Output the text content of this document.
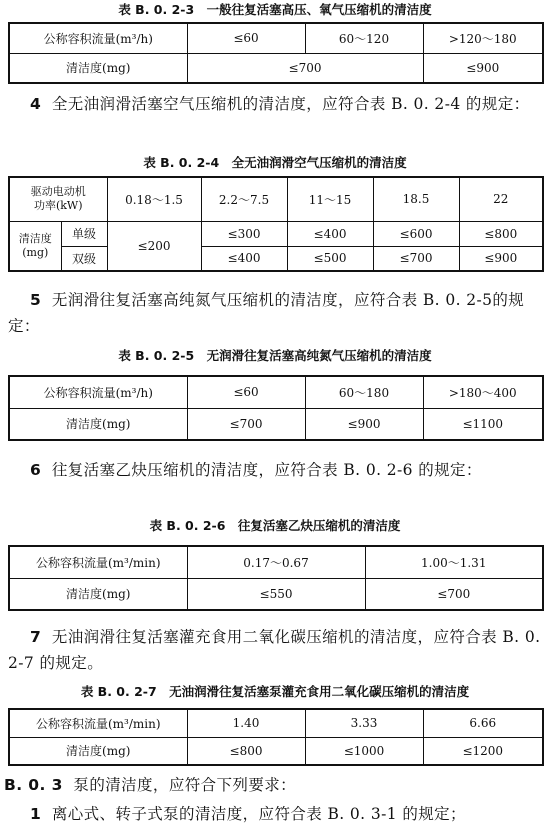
表 B. 0. 2-3　一般往复活塞高压、氧气压缩机的清洁度
公称容积流量(m³/h)	≤60	60～120	>120～180
清洁度(mg)	≤700		≤900
4 全无油润滑活塞空气压缩机的清洁度，应符合表 B. 0. 2-4 的规定：
表 B. 0. 2-4　全无油润滑空气压缩机的清洁度
驱动电动机
功率(kW)		0.18～1.5	2.2～7.5	11～15	18.5	22
清洁度
(mg)	单级	≤200	≤300	≤400	≤600	≤800
	双级		≤400	≤500	≤700	≤900
5 无润滑往复活塞高纯氮气压缩机的清洁度，应符合表 B. 0. 2-5的规定：
表 B. 0. 2-5　无润滑往复活塞高纯氮气压缩机的清洁度
公称容积流量(m³/h)	≤60	60～180	>180～400
清洁度(mg)	≤700	≤900	≤1100
6 往复活塞乙炔压缩机的清洁度，应符合表 B. 0. 2-6 的规定：
表 B. 0. 2-6　往复活塞乙炔压缩机的清洁度
公称容积流量(m³/min)	0.17～0.67	1.00～1.31
清洁度(mg)	≤550	≤700
7 无油润滑往复活塞灌充食用二氧化碳压缩机的清洁度，应符合表 B. 0. 2-7 的规定。
表 B. 0. 2-7　无油润滑往复活塞泵灌充食用二氧化碳压缩机的清洁度
公称容积流量(m³/min)	1.40	3.33	6.66
清洁度(mg)	≤800	≤1000	≤1200
B. 0. 3 泵的清洁度，应符合下列要求：
1 离心式、转子式泵的清洁度，应符合表 B. 0. 3-1 的规定；
